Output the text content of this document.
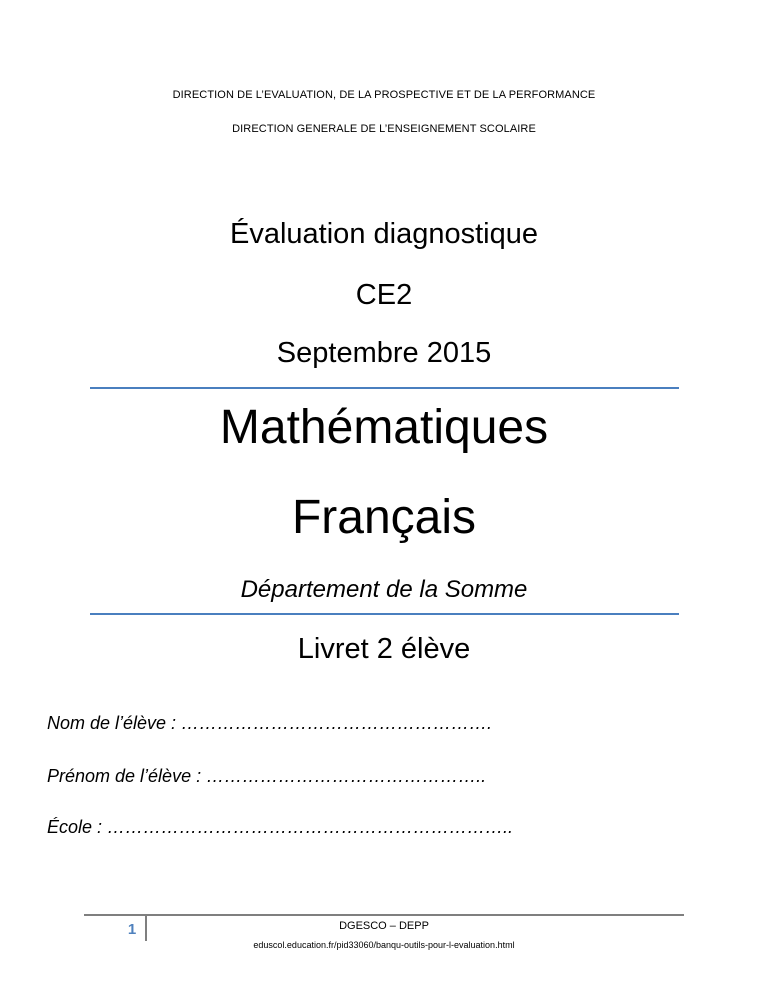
DIRECTION DE L’EVALUATION, DE LA PROSPECTIVE ET DE LA PERFORMANCE
DIRECTION GENERALE DE L’ENSEIGNEMENT SCOLAIRE
Évaluation diagnostique
CE2
Septembre 2015
Mathématiques
Français
Département de la Somme
Livret 2 élève
Nom de l’élève : …………………………………………….
Prénom de l’élève : ………………………………………..
École : …………………………………………………………..
1	DGESCO – DEPP
eduscol.education.fr/pid33060/banqu-outils-pour-l-evaluation.html
